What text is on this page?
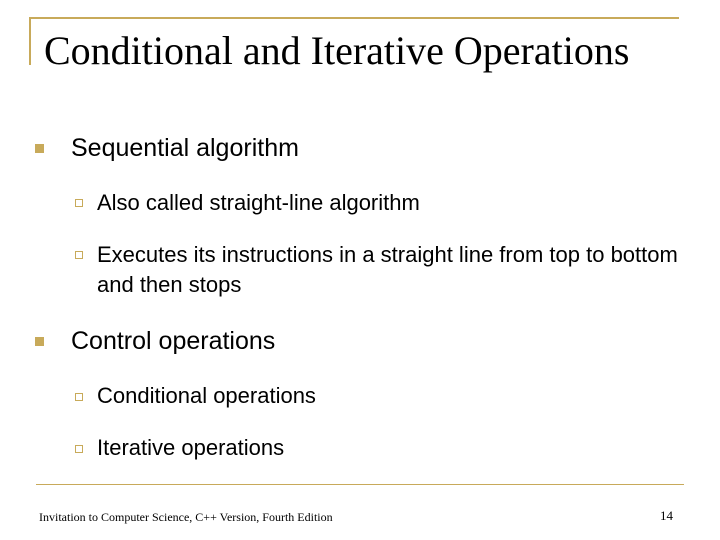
Conditional and Iterative Operations
Sequential algorithm
Also called straight-line algorithm
Executes its instructions in a straight line from top to bottom and then stops
Control operations
Conditional operations
Iterative operations
Invitation to Computer Science, C++ Version, Fourth Edition	14
